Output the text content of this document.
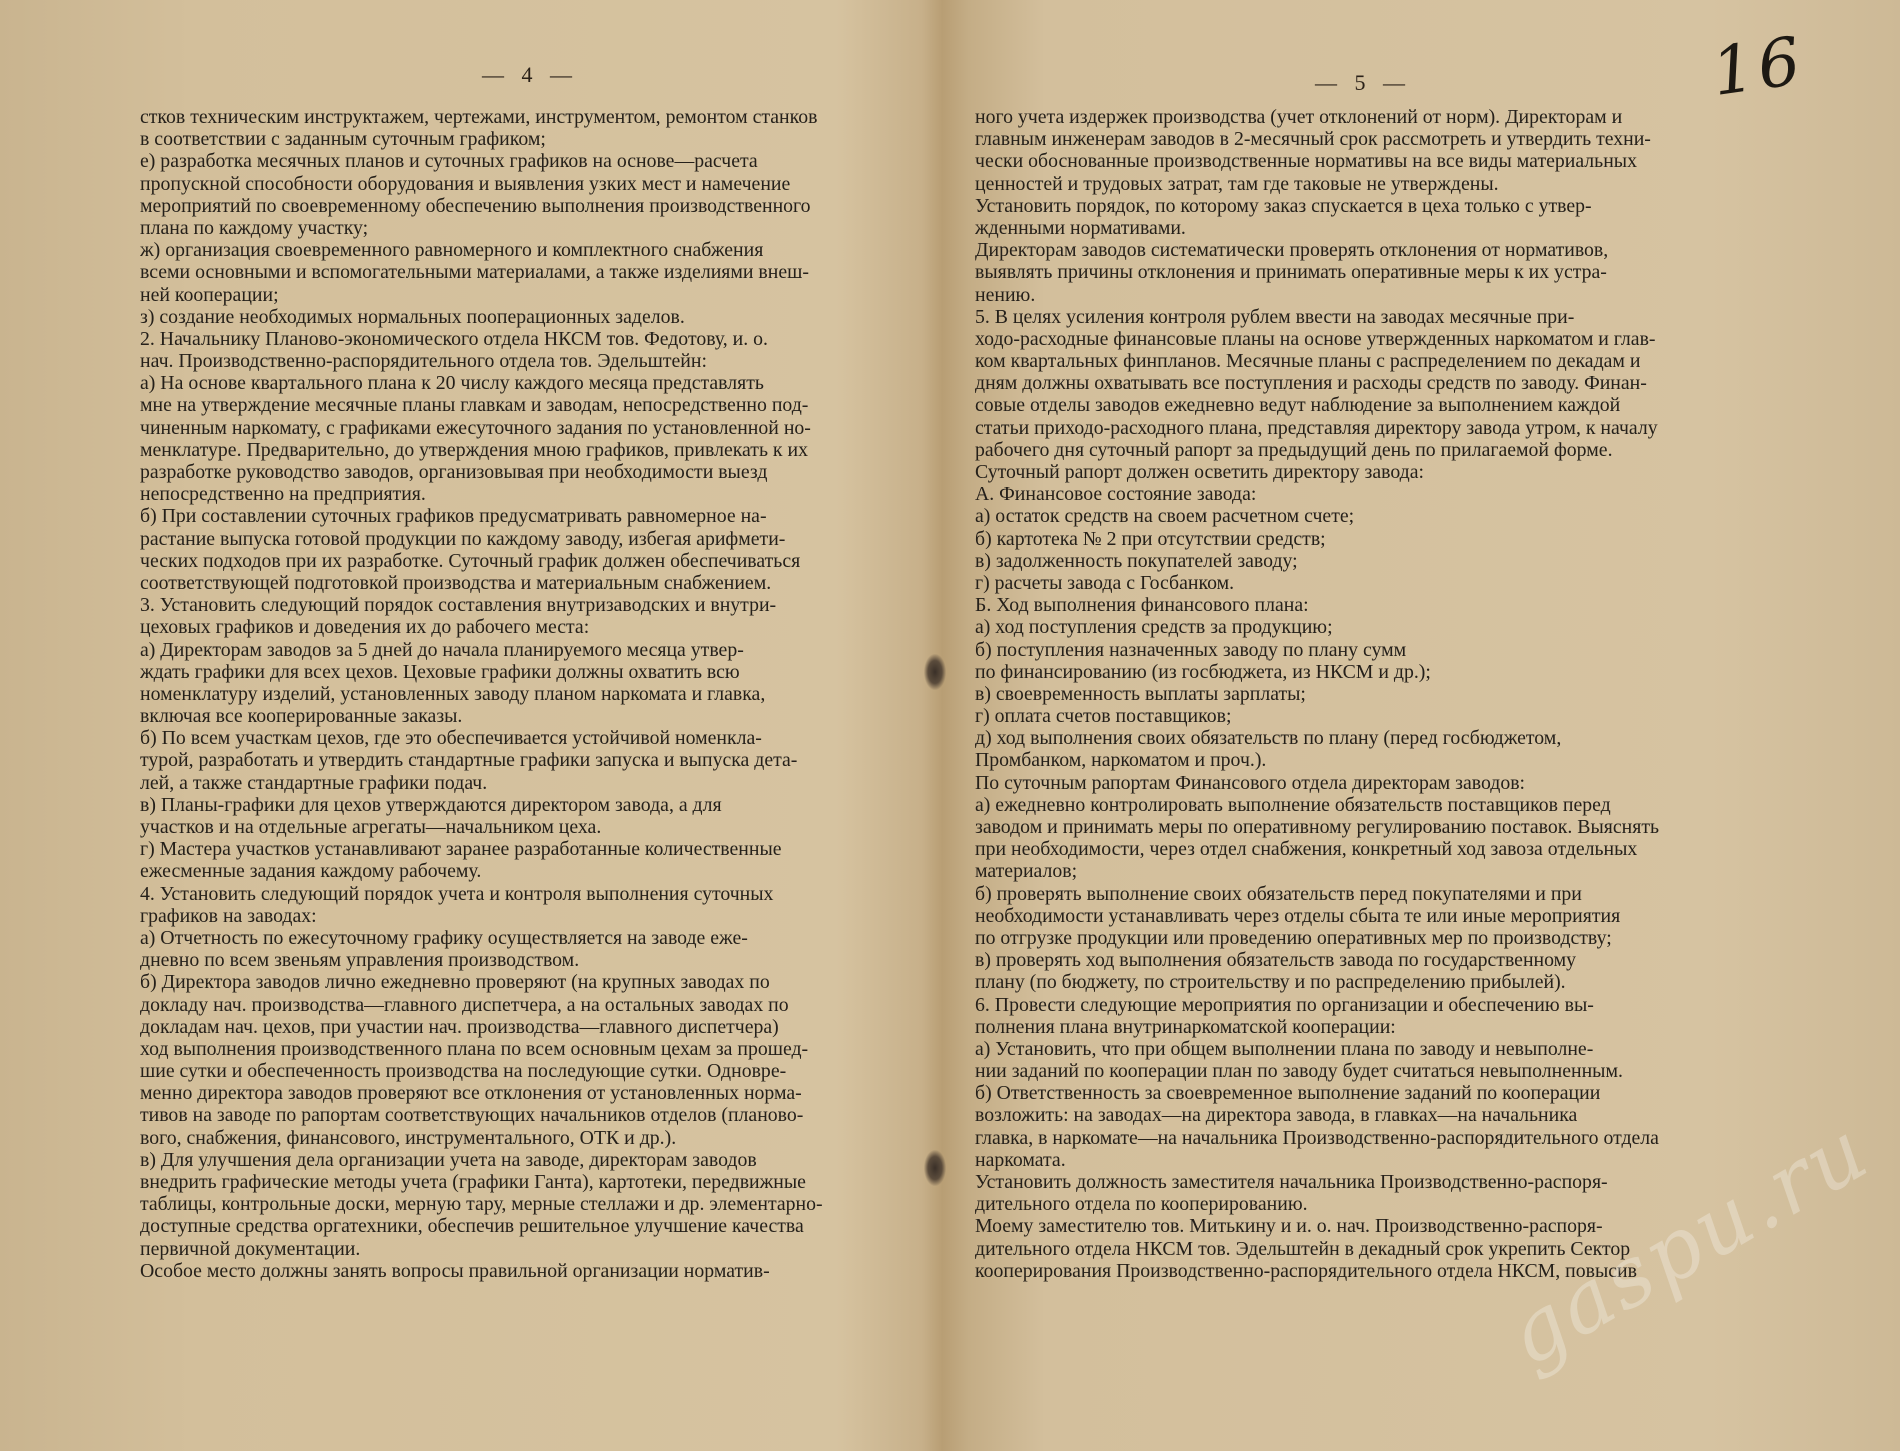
— 4 —
стков техническим инструктажем, чертежами, инструментом, ремонтом станков
в соответствии с заданным суточным графиком;
е) разработка месячных планов и суточных графиков на основе—расчета
пропускной способности оборудования и выявления узких мест и намечение
мероприятий по своевременному обеспечению выполнения производственного
плана по каждому участку;
ж) организация своевременного равномерного и комплектного снабжения
всеми основными и вспомогательными материалами, а также изделиями внеш-
ней кооперации;
з) создание необходимых нормальных пооперационных заделов.
2. Начальнику Планово-экономического отдела НКСМ тов. Федотову, и. о.
нач. Производственно-распорядительного отдела тов. Эдельштейн:
а) На основе квартального плана к 20 числу каждого месяца представлять
мне на утверждение месячные планы главкам и заводам, непосредственно под-
чиненным наркомату, с графиками ежесуточного задания по установленной но-
менклатуре. Предварительно, до утверждения мною графиков, привлекать к их
разработке руководство заводов, организовывая при необходимости выезд
непосредственно на предприятия.
б) При составлении суточных графиков предусматривать равномерное на-
растание выпуска готовой продукции по каждому заводу, избегая арифмети-
ческих подходов при их разработке. Суточный график должен обеспечиваться
соответствующей подготовкой производства и материальным снабжением.
3. Установить следующий порядок составления внутризаводских и внутри-
цеховых графиков и доведения их до рабочего места:
а) Директорам заводов за 5 дней до начала планируемого месяца утвер-
ждать графики для всех цехов. Цеховые графики должны охватить всю
номенклатуру изделий, установленных заводу планом наркомата и главка,
включая все кооперированные заказы.
б) По всем участкам цехов, где это обеспечивается устойчивой номенкла-
турой, разработать и утвердить стандартные графики запуска и выпуска дета-
лей, а также стандартные графики подач.
в) Планы-графики для цехов утверждаются директором завода, а для
участков и на отдельные агрегаты—начальником цеха.
г) Мастера участков устанавливают заранее разработанные количественные
ежесменные задания каждому рабочему.
4. Установить следующий порядок учета и контроля выполнения суточных
графиков на заводах:
а) Отчетность по ежесуточному графику осуществляется на заводе еже-
дневно по всем звеньям управления производством.
б) Директора заводов лично ежедневно проверяют (на крупных заводах по
докладу нач. производства—главного диспетчера, а на остальных заводах по
докладам нач. цехов, при участии нач. производства—главного диспетчера)
ход выполнения производственного плана по всем основным цехам за прошед-
шие сутки и обеспеченность производства на последующие сутки. Одновре-
менно директора заводов проверяют все отклонения от установленных норма-
тивов на заводе по рапортам соответствующих начальников отделов (планово-
вого, снабжения, финансового, инструментального, ОТК и др.).
в) Для улучшения дела организации учета на заводе, директорам заводов
внедрить графические методы учета (графики Ганта), картотеки, передвижные
таблицы, контрольные доски, мерную тару, мерные стеллажи и др. элементарно-
доступные средства оргатехники, обеспечив решительное улучшение качества
первичной документации.
Особое место должны занять вопросы правильной организации норматив-
— 5 —
ного учета издержек производства (учет отклонений от норм). Директорам и
главным инженерам заводов в 2-месячный срок рассмотреть и утвердить техни-
чески обоснованные производственные нормативы на все виды материальных
ценностей и трудовых затрат, там где таковые не утверждены.
Установить порядок, по которому заказ спускается в цеха только с утвер-
жденными нормативами.
Директорам заводов систематически проверять отклонения от нормативов,
выявлять причины отклонения и принимать оперативные меры к их устра-
нению.
5. В целях усиления контроля рублем ввести на заводах месячные при-
ходо-расходные финансовые планы на основе утвержденных наркоматом и глав-
ком квартальных финпланов. Месячные планы с распределением по декадам и
дням должны охватывать все поступления и расходы средств по заводу. Финан-
совые отделы заводов ежедневно ведут наблюдение за выполнением каждой
статьи приходо-расходного плана, представляя директору завода утром, к началу
рабочего дня суточный рапорт за предыдущий день по прилагаемой форме.
Суточный рапорт должен осветить директору завода:
А. Финансовое состояние завода:
а) остаток средств на своем расчетном счете;
б) картотека № 2 при отсутствии средств;
в) задолженность покупателей заводу;
г) расчеты завода с Госбанком.
Б. Ход выполнения финансового плана:
а) ход поступления средств за продукцию;
б) поступления назначенных заводу по плану сумм
по финансированию (из госбюджета, из НКСМ и др.);
в) своевременность выплаты зарплаты;
г) оплата счетов поставщиков;
д) ход выполнения своих обязательств по плану (перед госбюджетом,
Промбанком, наркоматом и проч.).
По суточным рапортам Финансового отдела директорам заводов:
а) ежедневно контролировать выполнение обязательств поставщиков перед
заводом и принимать меры по оперативному регулированию поставок. Выяснять
при необходимости, через отдел снабжения, конкретный ход завоза отдельных
материалов;
б) проверять выполнение своих обязательств перед покупателями и при
необходимости устанавливать через отделы сбыта те или иные мероприятия
по отгрузке продукции или проведению оперативных мер по производству;
в) проверять ход выполнения обязательств завода по государственному
плану (по бюджету, по строительству и по распределению прибылей).
6. Провести следующие мероприятия по организации и обеспечению вы-
полнения плана внутринаркоматской кооперации:
а) Установить, что при общем выполнении плана по заводу и невыполне-
нии заданий по кооперации план по заводу будет считаться невыполненным.
б) Ответственность за своевременное выполнение заданий по кооперации
возложить: на заводах—на директора завода, в главках—на начальника
главка, в наркомате—на начальника Производственно-распорядительного отдела
наркомата.
Установить должность заместителя начальника Производственно-распоря-
дительного отдела по кооперированию.
Моему заместителю тов. Митькину и и. о. нач. Производственно-распоря-
дительного отдела НКСМ тов. Эдельштейн в декадный срок укрепить Сектор
кооперирования Производственно-распорядительного отдела НКСМ, повысив
16
gaspu.ru
